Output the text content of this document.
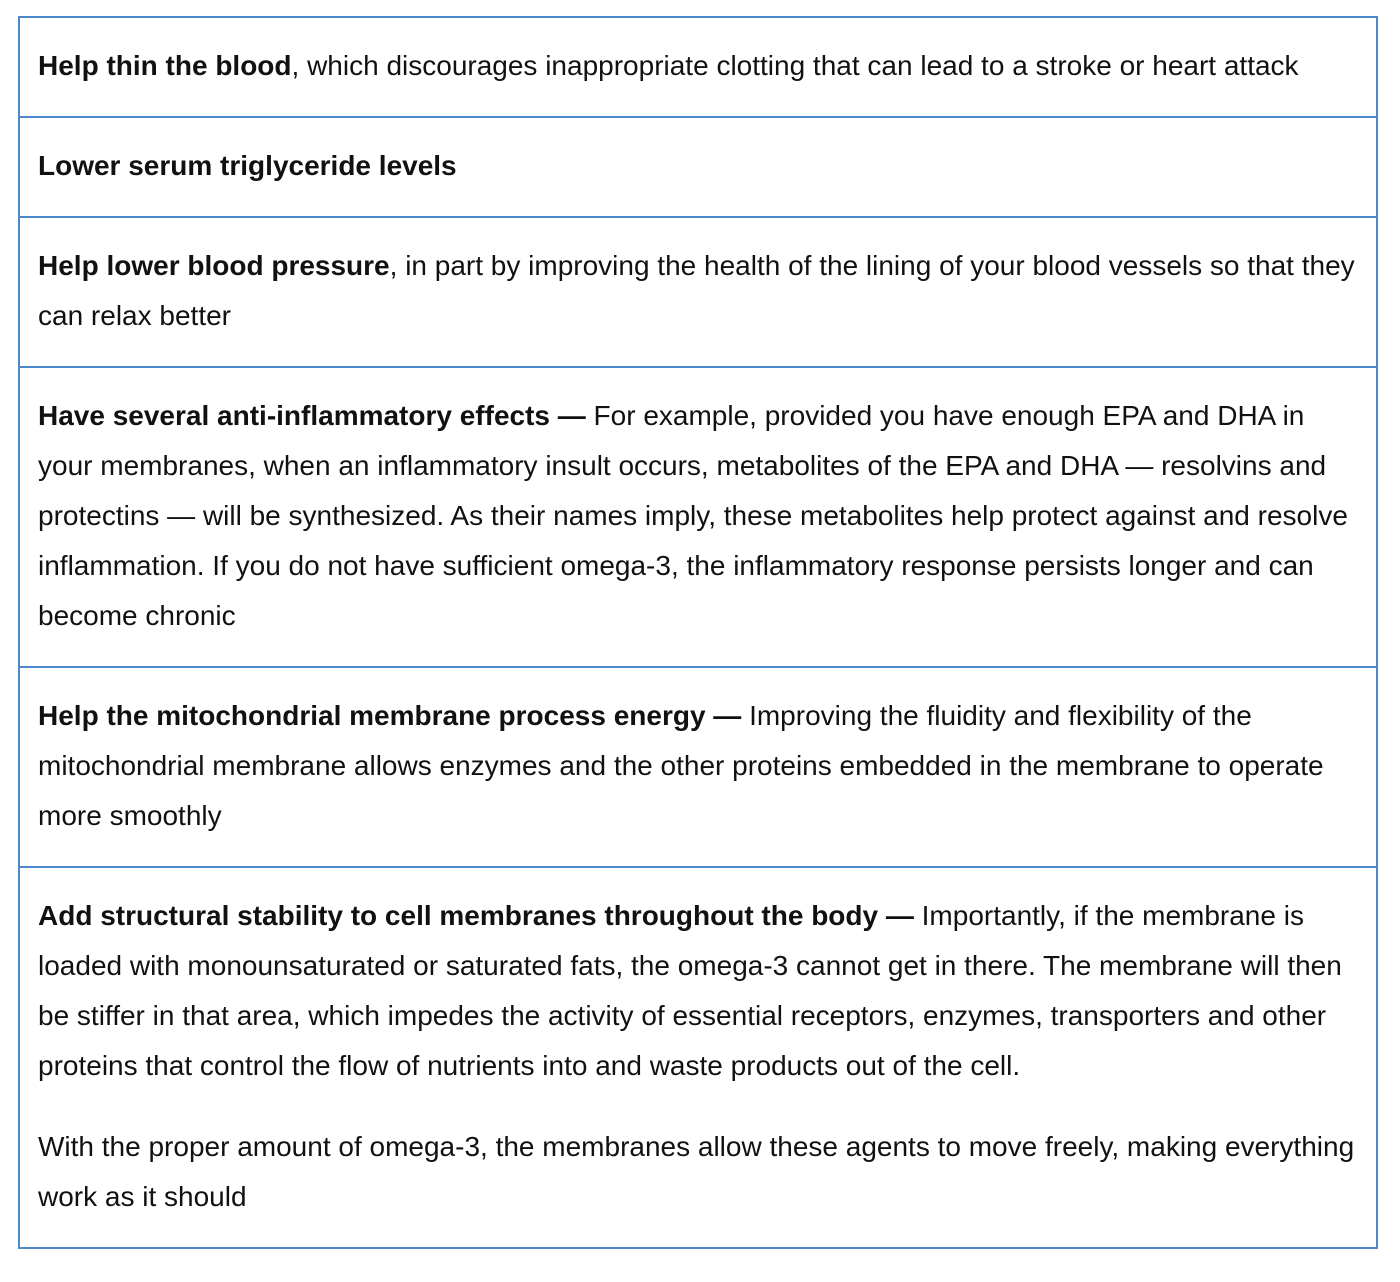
Help thin the blood, which discourages inappropriate clotting that can lead to a stroke or heart attack

Lower serum triglyceride levels

Help lower blood pressure, in part by improving the health of the lining of your blood vessels so that they can relax better

Have several anti-inflammatory effects — For example, provided you have enough EPA and DHA in your membranes, when an inflammatory insult occurs, metabolites of the EPA and DHA — resolvins and protectins — will be synthesized. As their names imply, these metabolites help protect against and resolve inflammation. If you do not have sufficient omega-3, the inflammatory response persists longer and can become chronic

Help the mitochondrial membrane process energy — Improving the fluidity and flexibility of the mitochondrial membrane allows enzymes and the other proteins embedded in the membrane to operate more smoothly

Add structural stability to cell membranes throughout the body — Importantly, if the membrane is loaded with monounsaturated or saturated fats, the omega-3 cannot get in there. The membrane will then be stiffer in that area, which impedes the activity of essential receptors, enzymes, transporters and other proteins that control the flow of nutrients into and waste products out of the cell.

With the proper amount of omega-3, the membranes allow these agents to move freely, making everything work as it should
